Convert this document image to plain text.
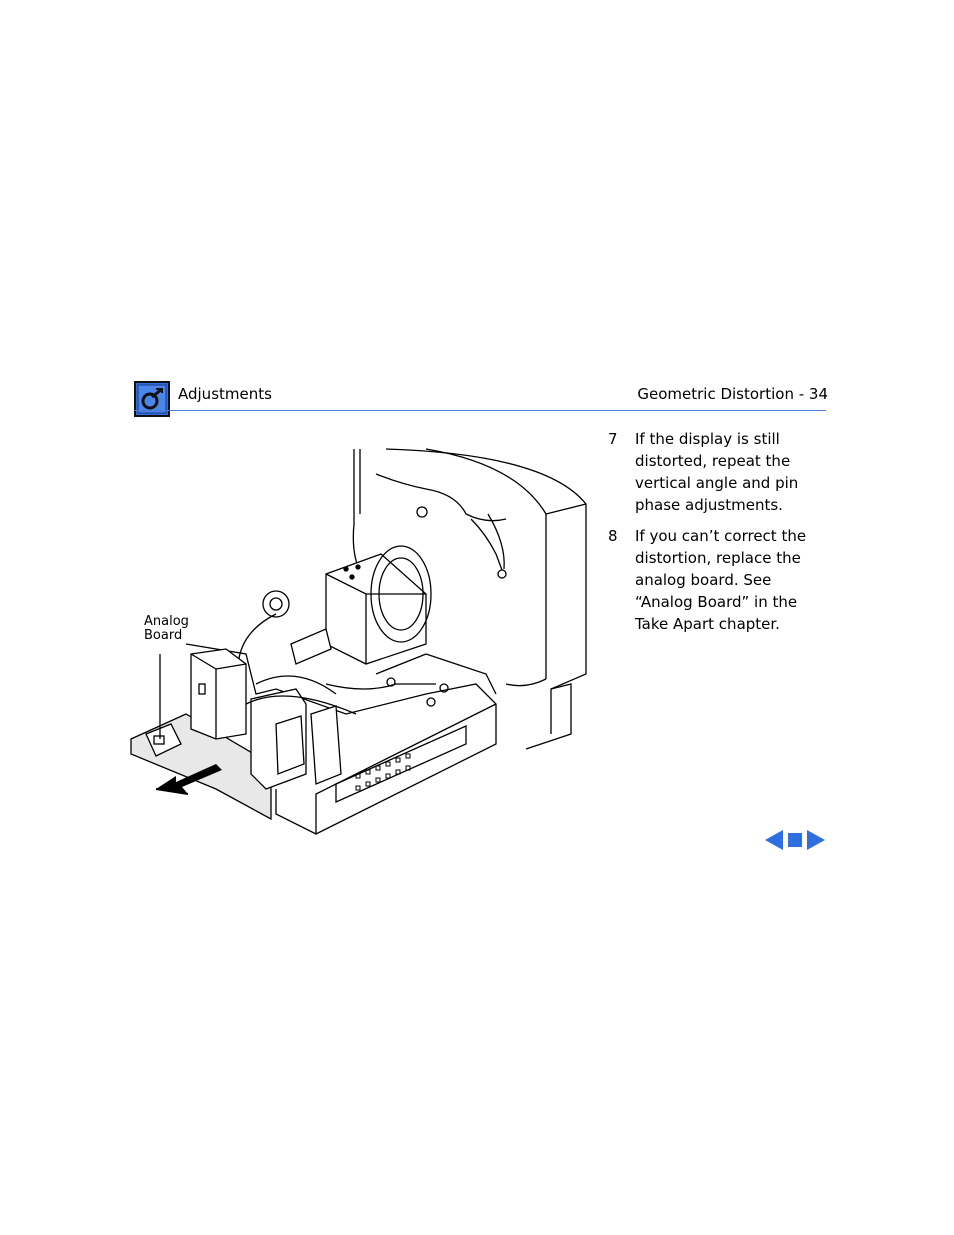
Adjustments	Geometric Distortion - 34
7	If the display is still
distorted, repeat the
vertical angle and pin
phase adjustments.
8	If you can’t correct the
distortion, replace the
analog board. See
“Analog Board” in the
Take Apart chapter.
Analog
Board
